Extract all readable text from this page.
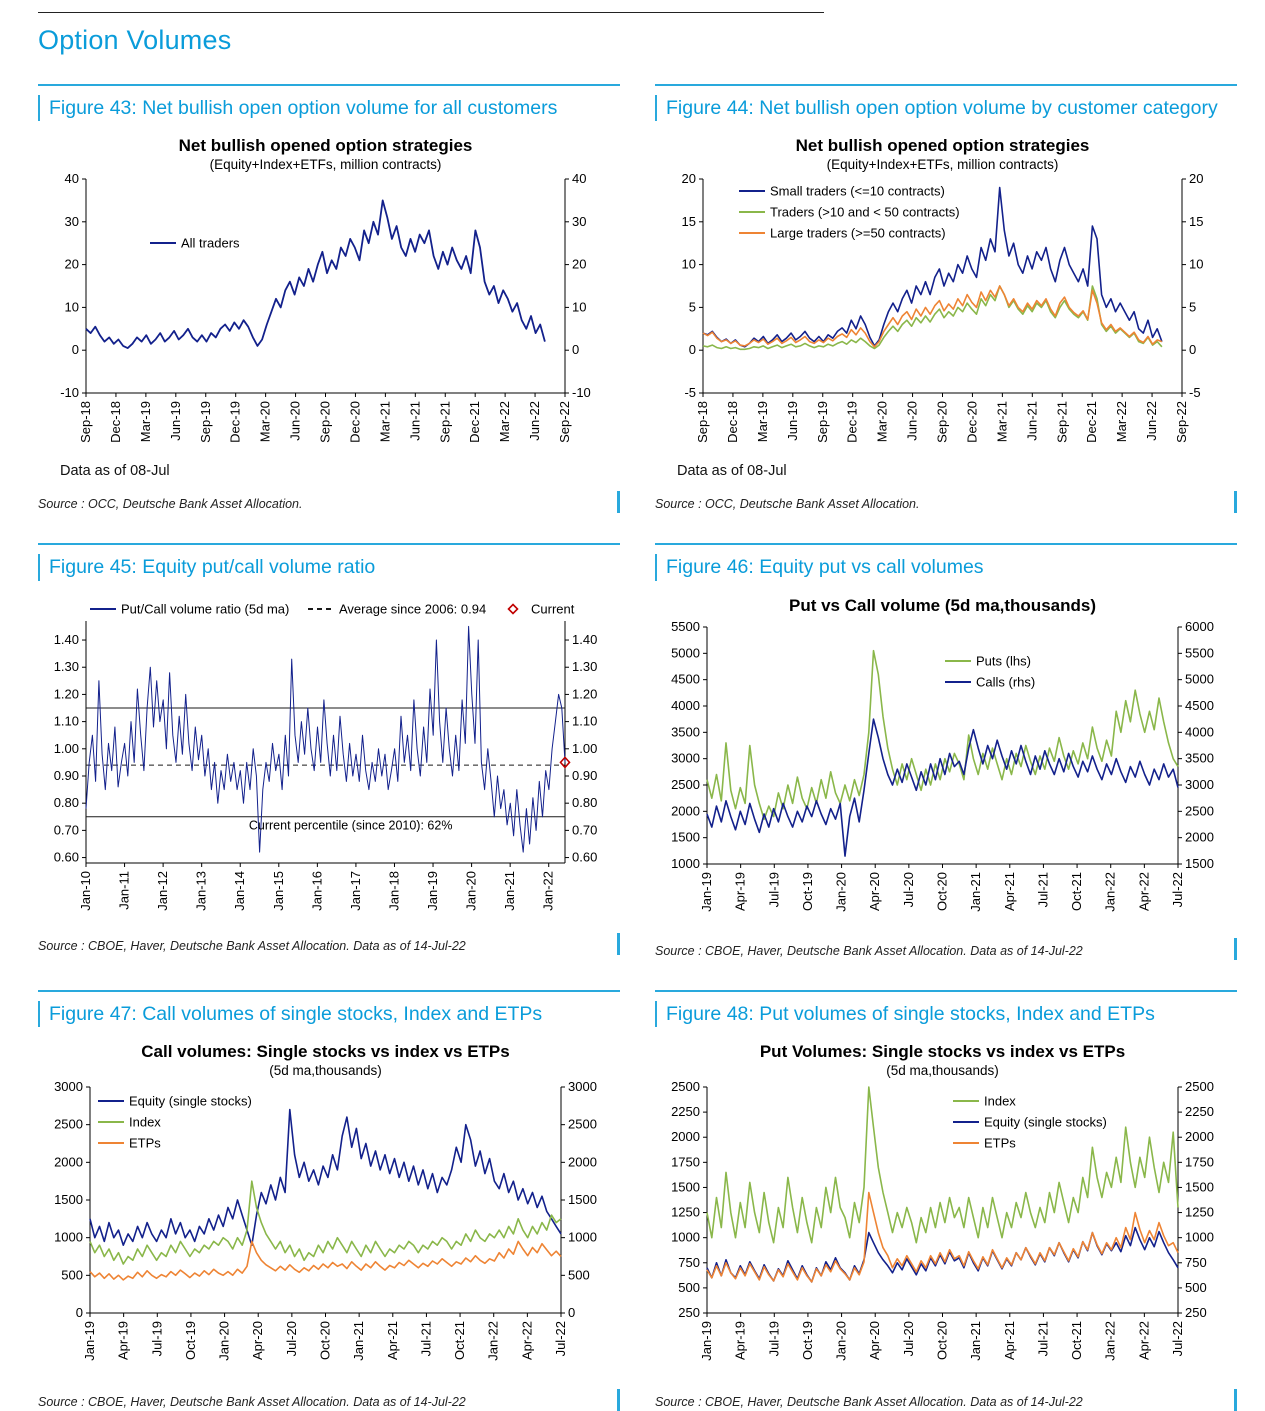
Option Volumes
Figure 43: Net bullish open option volume for all customers
Net bullish opened option strategies
(Equity+Index+ETFs, million contracts)
-10
0
10
20
30
40
-10
0
10
20
30
40
Sep-18 Dec-18 Mar-19 Jun-19 Sep-19 Dec-19 Mar-20 Jun-20 Sep-20 Dec-20 Mar-21 Jun-21 Sep-21 Dec-21 Mar-22 Jun-22 Sep-22
All traders
Data as of 08-Jul
Source : OCC, Deutsche Bank Asset Allocation.
Figure 44: Net bullish open option volume by customer category
Net bullish opened option strategies
(Equity+Index+ETFs, million contracts)
-5
0
5
10
15
20
-5
0
5
10
15
20
Sep-18 Dec-18 Mar-19 Jun-19 Sep-19 Dec-19 Mar-20 Jun-20 Sep-20 Dec-20 Mar-21 Jun-21 Sep-21 Dec-21 Mar-22 Jun-22 Sep-22
Small traders (<=10 contracts)
Traders (>10 and < 50 contracts)
Large traders (>=50 contracts)
Data as of 08-Jul
Source : OCC, Deutsche Bank Asset Allocation.
Figure 45: Equity put/call volume ratio
0.60
0.70
0.80
0.90
1.00
1.10
1.20
1.30
1.40
0.60
0.70
0.80
0.90
1.00
1.10
1.20
1.30
1.40
Jan-10 Jan-11 Jan-12 Jan-13 Jan-14 Jan-15 Jan-16 Jan-17 Jan-18 Jan-19 Jan-20 Jan-21 Jan-22
Put/Call volume ratio (5d ma)	Average since 2006: 0.94	Current
Current percentile (since 2010): 62%
Source : CBOE, Haver, Deutsche Bank Asset Allocation. Data as of 14-Jul-22
Figure 46: Equity put vs call volumes
Put vs Call volume (5d ma,thousands)
1000
1500
2000
2500
3000
3500
4000
4500
5000
5500
1500
2000
2500
3000
3500
4000
4500
5000
5500
6000
Jan-19 Apr-19 Jul-19 Oct-19 Jan-20 Apr-20 Jul-20 Oct-20 Jan-21 Apr-21 Jul-21 Oct-21 Jan-22 Apr-22 Jul-22
Puts (lhs)
Calls (rhs)
Source : CBOE, Haver, Deutsche Bank Asset Allocation. Data as of 14-Jul-22
Figure 47: Call volumes of single stocks, Index and ETPs
Call volumes: Single stocks vs index vs ETPs
(5d ma,thousands)
0
500
1000
1500
2000
2500
3000
0
500
1000
1500
2000
2500
3000
Jan-19 Apr-19 Jul-19 Oct-19 Jan-20 Apr-20 Jul-20 Oct-20 Jan-21 Apr-21 Jul-21 Oct-21 Jan-22 Apr-22 Jul-22
Equity (single stocks)
Index
ETPs
Source : CBOE, Haver, Deutsche Bank Asset Allocation. Data as of 14-Jul-22
Figure 48: Put volumes of single stocks, Index and ETPs
Put Volumes: Single stocks vs index vs ETPs
(5d ma,thousands)
250
500
750
1000
1250
1500
1750
2000
2250
2500
250
500
750
1000
1250
1500
1750
2000
2250
2500
Jan-19 Apr-19 Jul-19 Oct-19 Jan-20 Apr-20 Jul-20 Oct-20 Jan-21 Apr-21 Jul-21 Oct-21 Jan-22 Apr-22 Jul-22
Index
Equity (single stocks)
ETPs
Source : CBOE, Haver, Deutsche Bank Asset Allocation. Data as of 14-Jul-22
